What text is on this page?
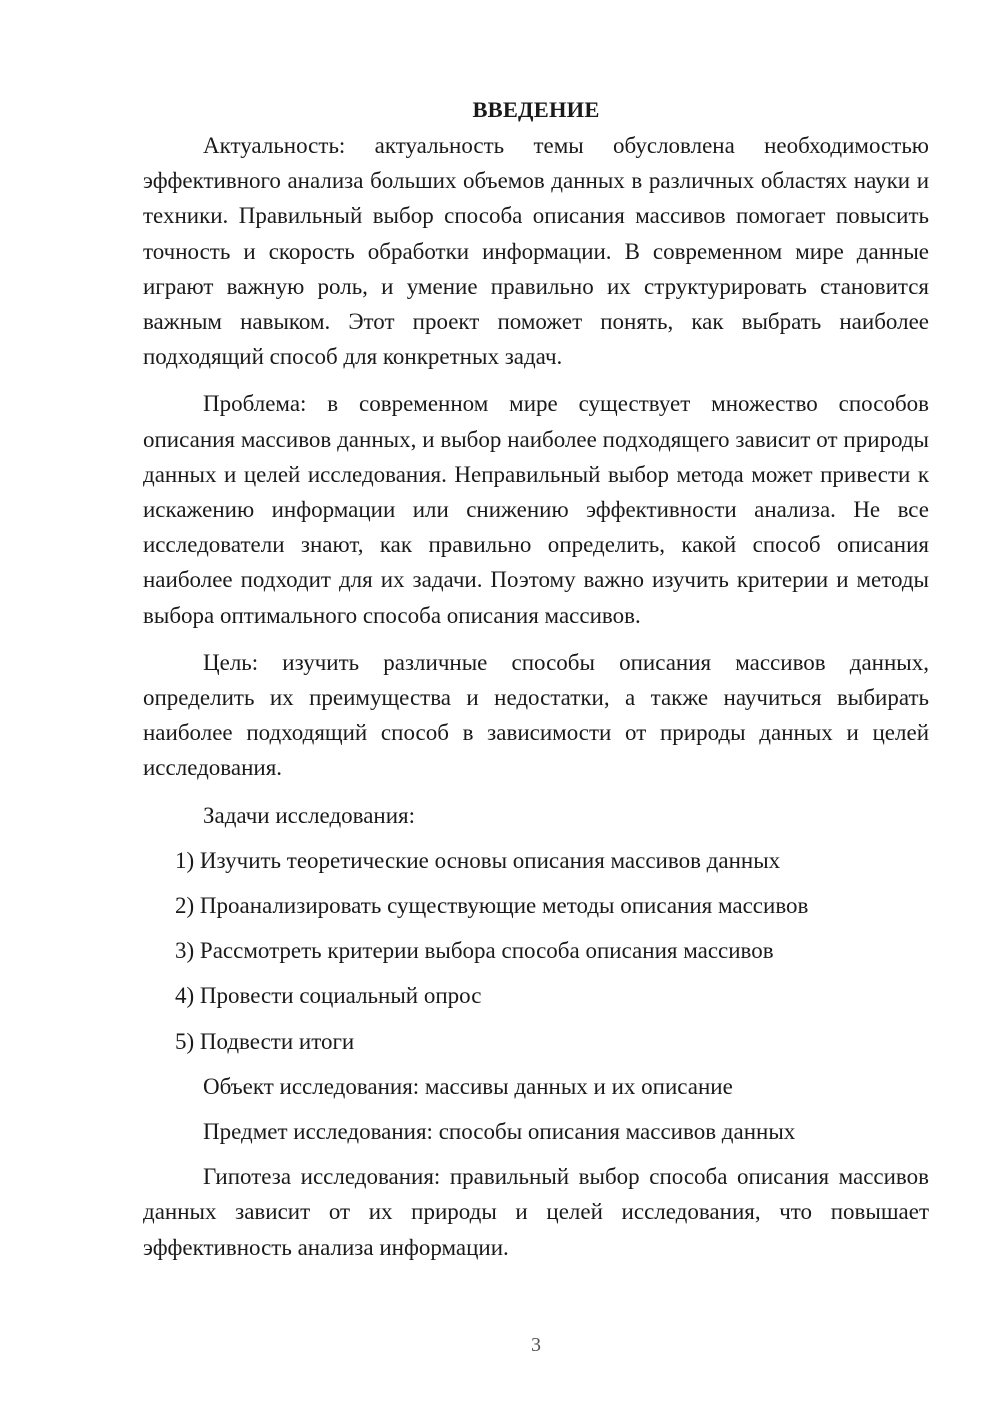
ВВЕДЕНИЕ

Актуальность: актуальность темы обусловлена необходимостью эффективного анализа больших объемов данных в различных областях науки и техники. Правильный выбор способа описания массивов помогает повысить точность и скорость обработки информации. В современном мире данные играют важную роль, и умение правильно их структурировать становится важным навыком. Этот проект поможет понять, как выбрать наиболее подходящий способ для конкретных задач.

Проблема: в современном мире существует множество способов описания массивов данных, и выбор наиболее подходящего зависит от природы данных и целей исследования. Неправильный выбор метода может привести к искажению информации или снижению эффективности анализа. Не все исследователи знают, как правильно определить, какой способ описания наиболее подходит для их задачи. Поэтому важно изучить критерии и методы выбора оптимального способа описания массивов.

Цель: изучить различные способы описания массивов данных, определить их преимущества и недостатки, а также научиться выбирать наиболее подходящий способ в зависимости от природы данных и целей исследования.

Задачи исследования:

1) Изучить теоретические основы описания массивов данных

2) Проанализировать существующие методы описания массивов

3) Рассмотреть критерии выбора способа описания массивов

4) Провести социальный опрос

5) Подвести итоги

Объект исследования: массивы данных и их описание

Предмет исследования: способы описания массивов данных

Гипотеза исследования: правильный выбор способа описания массивов данных зависит от их природы и целей исследования, что повышает эффективность анализа информации.

3
